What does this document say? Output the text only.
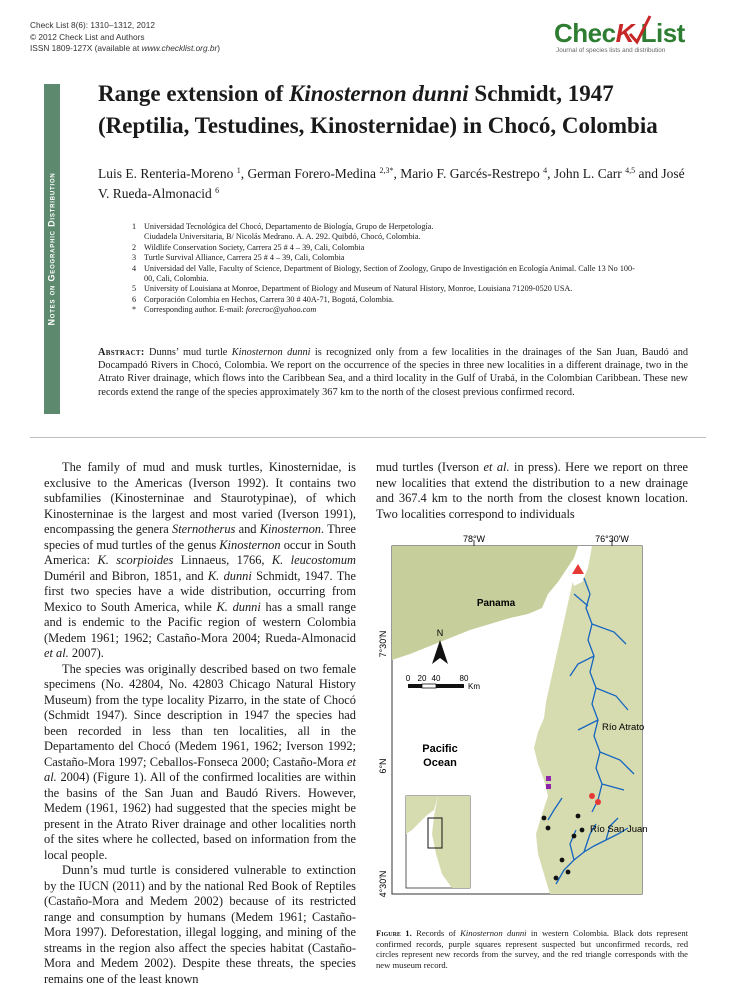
Check List 8(6): 1310–1312, 2012
© 2012 Check List and Authors
ISSN 1809-127X (available at www.checklist.org.br)	ChecK List
Journal of species lists and distribution
Notes on Geographic Distribution
Range extension of Kinosternon dunni Schmidt, 1947
(Reptilia, Testudines, Kinosternidae) in Chocó, Colombia
Luis E. Renteria-Moreno $^1$, German Forero-Medina $^{2,3*}$, Mario F. Garcés-Restrepo $^4$, John L. Carr $^{4,5}$ and José V. Rueda-Almonacid $^6$
1 Universidad Tecnológica del Chocó, Departamento de Biología, Grupo de Herpetología.
Ciudadela Universitaria, B/ Nicolás Medrano. A. A. 292. Quibdó, Chocó, Colombia.
2 Wildlife Conservation Society, Carrera 25 # 4 – 39, Cali, Colombia
3 Turtle Survival Alliance, Carrera 25 # 4 – 39, Cali, Colombia
4 Universidad del Valle, Faculty of Science, Department of Biology, Section of Zoology, Grupo de Investigación en Ecología Animal. Calle 13 No 100-
00, Cali, Colombia.
5 University of Louisiana at Monroe, Department of Biology and Museum of Natural History, Monroe, Louisiana 71209-0520 USA.
6 Corporación Colombia en Hechos, Carrera 30 # 40A-71, Bogotá, Colombia.
* Corresponding author. E-mail: forecroc@yahoo.com
Abstract: Dunns’ mud turtle Kinosternon dunni is recognized only from a few localities in the drainages of the San Juan, Baudó and Docampadó Rivers in Chocó, Colombia. We report on the occurrence of the species in three new localities in a different drainage, two in the Atrato River drainage, which flows into the Caribbean Sea, and a third locality in the Gulf of Urabá, in the Colombian Caribbean. These new records extend the range of the species approximately 367 km to the north of the closest previous confirmed record.

The family of mud and musk turtles, Kinosternidae, is exclusive to the Americas (Iverson 1992). It contains two subfamilies (Kinosterninae and Staurotypinae), of which Kinosterninae is the largest and most varied (Iverson 1991), encompassing the genera Sternotherus and Kinosternon. Three species of mud turtles of the genus Kinosternon occur in South America: K. scorpioides Linnaeus, 1766, K. leucostomum Duméril and Bibron, 1851, and K. dunni Schmidt, 1947. The first two species have a wide distribution, occurring from Mexico to South America, while K. dunni has a small range and is endemic to the Pacific region of western Colombia (Medem 1961; 1962; Castaño-Mora 2004; Rueda-Almonacid et al. 2007).

The species was originally described based on two female specimens (No. 42804, No. 42803 Chicago Natural History Museum) from the type locality Pizarro, in the state of Chocó (Schmidt 1947). Since description in 1947 the species had been recorded in less than ten localities, all in the Departamento del Chocó (Medem 1961, 1962; Iverson 1992; Castaño-Mora 1997; Ceballos-Fonseca 2000; Castaño-Mora et al. 2004) (Figure 1). All of the confirmed localities are within the basins of the San Juan and Baudó Rivers. However, Medem (1961, 1962) had suggested that the species might be present in the Atrato River drainage and other localities north of the sites where he collected, based on information from the local people.

Dunn’s mud turtle is considered vulnerable to extinction by the IUCN (2011) and by the national Red Book of Reptiles (Castaño-Mora and Medem 2002) because of its restricted range and consumption by humans (Medem 1961; Castaño-Mora 1997). Deforestation, illegal logging, and mining of the streams in the region also affect the species habitat (Castaño-Mora and Medem 2002). Despite these threats, the species remains one of the least known

mud turtles (Iverson et al. in press). Here we report on three new localities that extend the distribution to a new drainage and 367.4 km to the north from the closest known location. Two localities correspond to individuals

78°W	76°30'W
7°30'N
6°N
4°30'N
Panama
Pacific
Ocean
Río Atrato
Río San Juan
N
0 20 40 80
Km
Figure 1. Records of Kinosternon dunni in western Colombia. Black dots represent confirmed records, purple squares represent suspected but unconfirmed records, red circles represent new records from the survey, and the red triangle corresponds with the new museum record.
